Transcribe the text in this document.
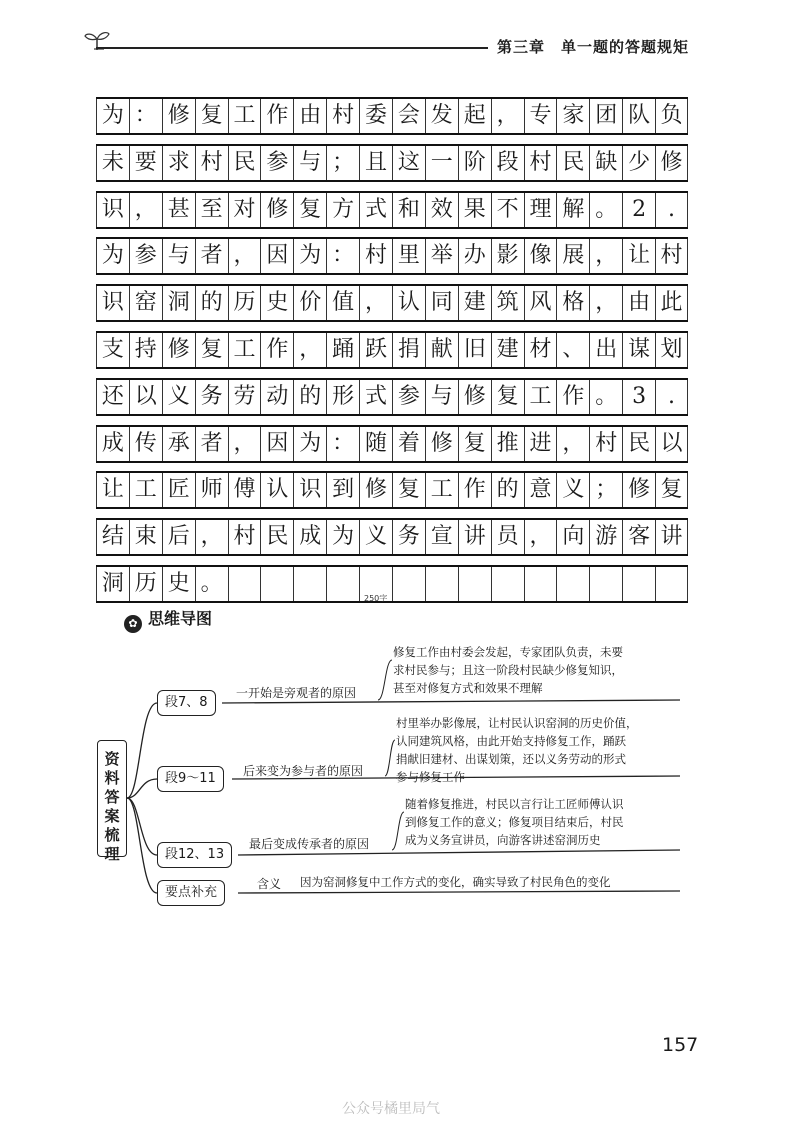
第三章 单一题的答题规矩
为 ： 修 复 工 作 由 村 委 会 发 起 ， 专 家 团 队 负
未 要 求 村 民 参 与 ； 且 这 一 阶 段 村 民 缺 少 修
识 ， 甚 至 对 修 复 方 式 和 效 果 不 理 解 。 2 .
为 参 与 者 ， 因 为 ： 村 里 举 办 影 像 展 ， 让 村
识 窑 洞 的 历 史 价 值 ， 认 同 建 筑 风 格 ， 由 此
支 持 修 复 工 作 ， 踊 跃 捐 献 旧 建 材 、 出 谋 划
还 以 义 务 劳 动 的 形 式 参 与 修 复 工 作 。 3 .
成 传 承 者 ， 因 为 ： 随 着 修 复 推 进 ， 村 民 以
让 工 匠 师 傅 认 识 到 修 复 工 作 的 意 义 ； 修 复
结 束 后 ， 村 民 成 为 义 务 宣 讲 员 ， 向 游 客 讲
洞 历 史 。
250字
✿ 思维导图
资料答案梳理
段7、8
段9～11
段12、13
要点补充
一开始是旁观者的原因
后来变为参与者的原因
最后变成传承者的原因
含义
修复工作由村委会发起，专家团队负责，未要
求村民参与；且这一阶段村民缺少修复知识，
甚至对修复方式和效果不理解
村里举办影像展，让村民认识窑洞的历史价值，
认同建筑风格，由此开始支持修复工作，踊跃
捐献旧建材、出谋划策，还以义务劳动的形式
参与修复工作
随着修复推进，村民以言行让工匠师傅认识
到修复工作的意义；修复项目结束后，村民
成为义务宣讲员，向游客讲述窑洞历史
因为窑洞修复中工作方式的变化，确实导致了村民角色的变化
157
公众号橘里局气
